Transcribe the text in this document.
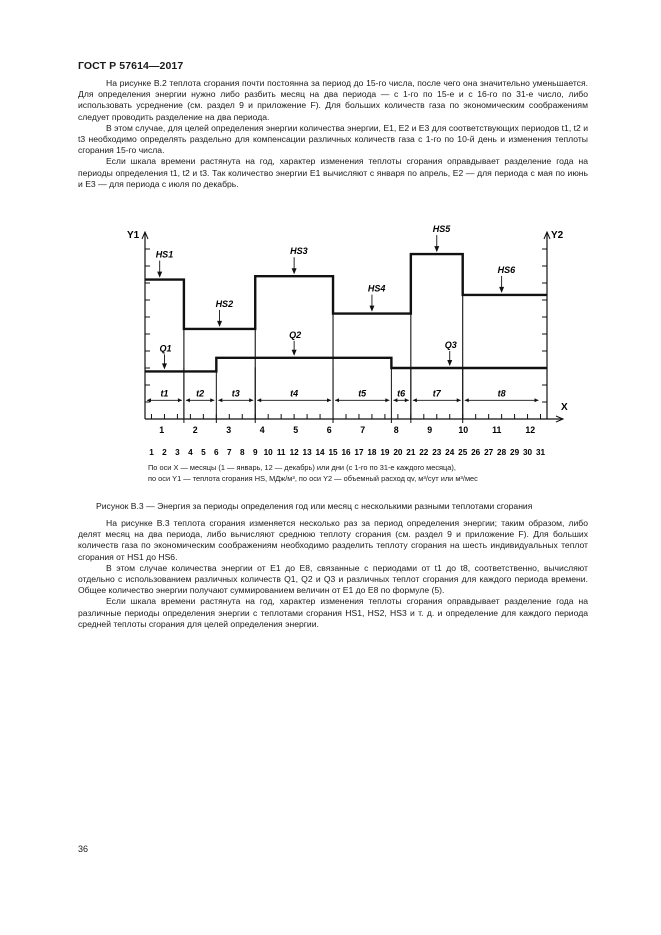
ГОСТ Р 57614—2017
На рисунке В.2 теплота сгорания почти постоянна за период до 15-го числа, после чего она значительно уменьшается. Для определения энергии нужно либо разбить месяц на два периода — с 1-го по 15-е и с 16-го по 31-е число, либо использовать усреднение (см. раздел 9 и приложение F). Для больших количеств газа по экономическим соображениям следует проводить разделение на два периода.
В этом случае, для целей определения энергии количества энергии, E1, E2 и E3 для соответствующих периодов t1, t2 и t3 необходимо определять раздельно для компенсации различных количеств газа с 1-го по 10-й день и изменения теплоты сгорания 15-го числа.
Если шкала времени растянута на год, характер изменения теплоты сгорания оправдывает разделение года на периоды определения t1, t2 и t3. Так количество энергии E1 вычисляют с января по апрель, E2 — для периода с мая по июнь и E3 — для периода с июля по декабрь.
Y1	Y2
X
1 2 3 4 5 6 7 8 9 10 11 12 13 14 15 16 17 18 19 20 21 22 23 24 25 26 27 28 29 30 31
1	2	3	4	5	6	7	8	9	10	11	12
t1	t2	t3	t4	t5	t6	t7	t8
HS1
HS2
HS3
HS4
HS5
HS6
Q1
Q2
Q3
По оси X — месяцы (1 — январь, 12 — декабрь) или дни (с 1-го по 31-е каждого месяца),
по оси Y1 — теплота сгорания HS, МДж/м³, по оси Y2 — объемный расход qv, м³/сут или м³/мес
Рисунок В.3 — Энергия за периоды определения год или месяц с несколькими разными теплотами сгорания
На рисунке В.3 теплота сгорания изменяется несколько раз за период определения энергии; таким образом, либо делят месяц на два периода, либо вычисляют среднюю теплоту сгорания (см. раздел 9 и приложение F). Для больших количеств газа по экономическим соображениям необходимо разделить теплоту сгорания на шесть индивидуальных теплот сгорания от HS1 до HS6.
В этом случае количества энергии от E1 до E8, связанные с периодами от t1 до t8, соответственно, вычисляют отдельно с использованием различных количеств Q1, Q2 и Q3 и различных теплот сгорания для каждого периода времени. Общее количество энергии получают суммированием величин от E1 до E8 по формуле (5).
Если шкала времени растянута на год, характер изменения теплоты сгорания оправдывает разделение года на различные периоды определения энергии с теплотами сгорания HS1, HS2, HS3 и т. д. и определение для каждого периода средней теплоты сгорания для целей определения энергии.
36
